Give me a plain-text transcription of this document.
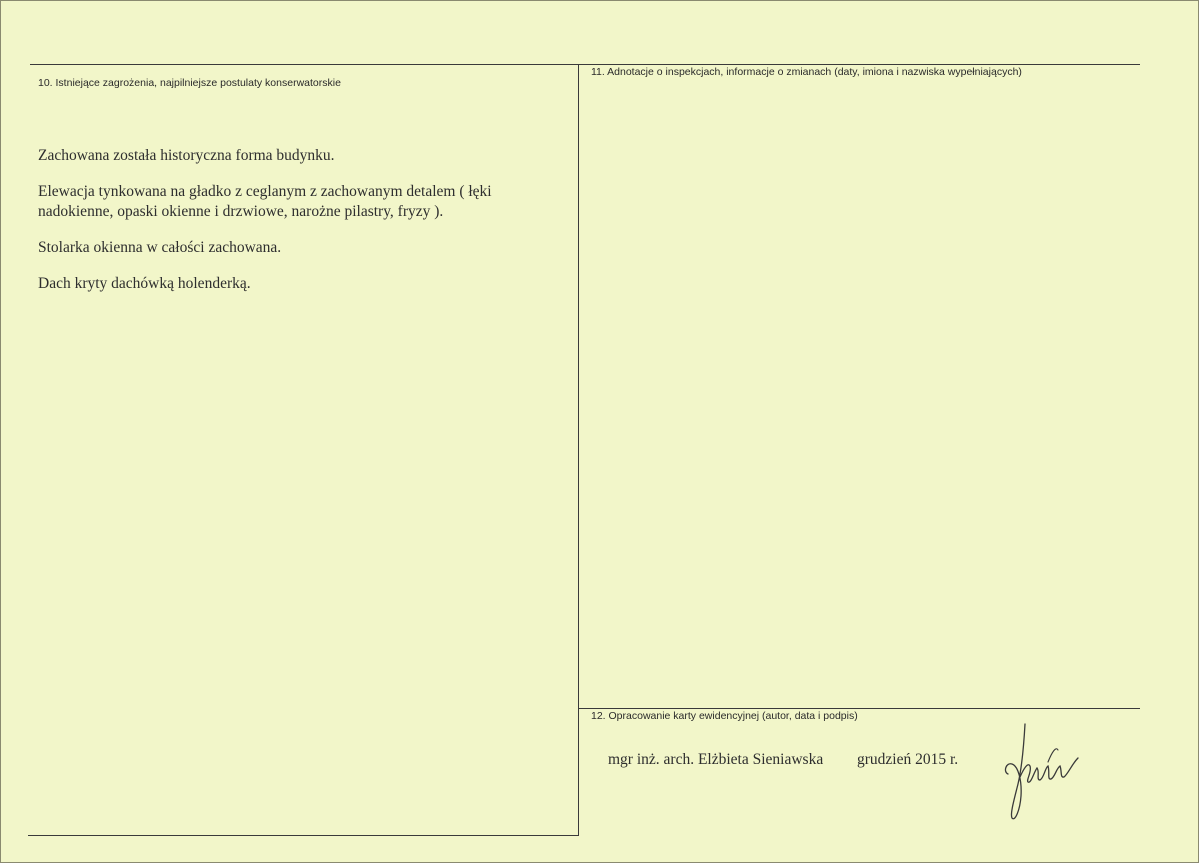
10. Istniejące zagrożenia, najpilniejsze postulaty konserwatorskie

Zachowana została historyczna forma budynku.

Elewacja tynkowana na gładko z ceglanym z zachowanym detalem ( łęki nadokienne, opaski okienne i drzwiowe, narożne pilastry, fryzy ).

Stolarka okienna w całości zachowana.

Dach kryty dachówką holenderką.

11. Adnotacje o inspekcjach, informacje o zmianach (daty, imiona i nazwiska wypełniających)
12. Opracowanie karty ewidencyjnej (autor, data i podpis)
mgr inż. arch. Elżbieta Sieniawska grudzień 2015 r.
